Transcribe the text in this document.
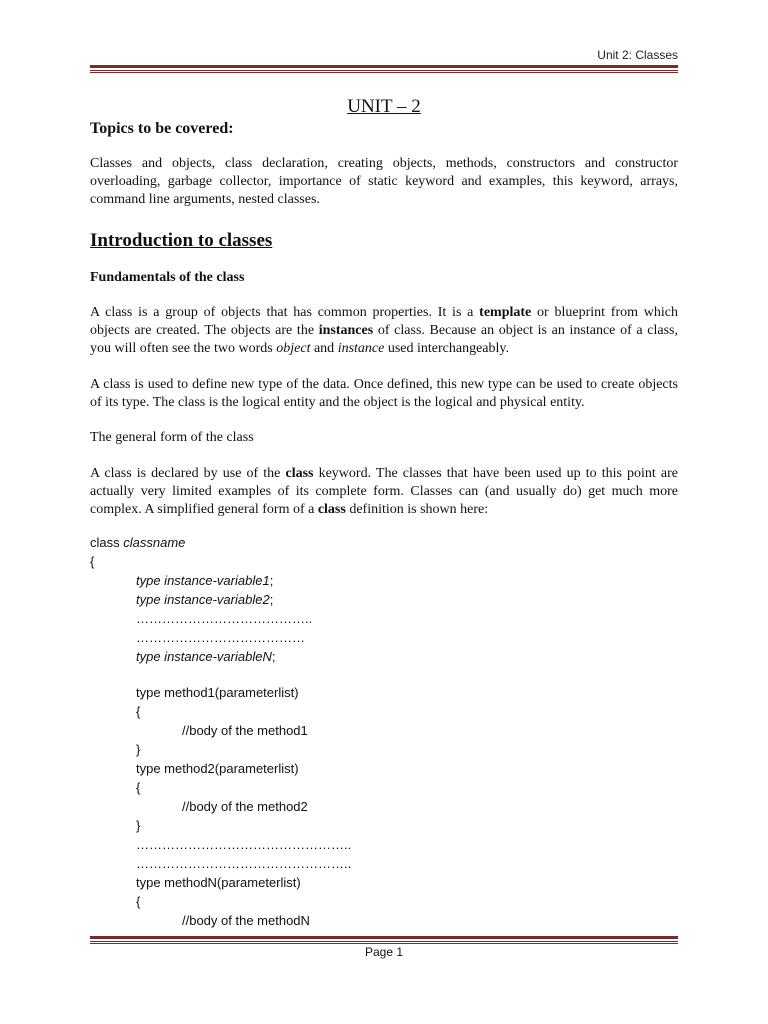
Unit 2: Classes
UNIT – 2
Topics to be covered:
Classes and objects, class declaration, creating objects, methods, constructors and constructor overloading, garbage collector, importance of static keyword and examples, this keyword, arrays, command line arguments, nested classes.
Introduction to classes
Fundamentals of the class
A class is a group of objects that has common properties. It is a template or blueprint from which objects are created. The objects are the instances of class. Because an object is an instance of a class, you will often see the two words object and instance used interchangeably.
A class is used to define new type of the data. Once defined, this new type can be used to create objects of its type. The class is the logical entity and the object is the logical and physical entity.
The general form of the class
A class is declared by use of the class keyword. The classes that have been used up to this point are actually very limited examples of its complete form. Classes can (and usually do) get much more complex. A simplified general form of a class definition is shown here:

class classname

{

type instance-variable1;

type instance-variable2;

…………………………………..

…………………………………

type instance-variableN;

type method1(parameterlist)

{

//body of the method1

}

type method2(parameterlist)

{

//body of the method2

}

…………………………………………..

…………………………………………..

type methodN(parameterlist)

{

//body of the methodN

Page 1
